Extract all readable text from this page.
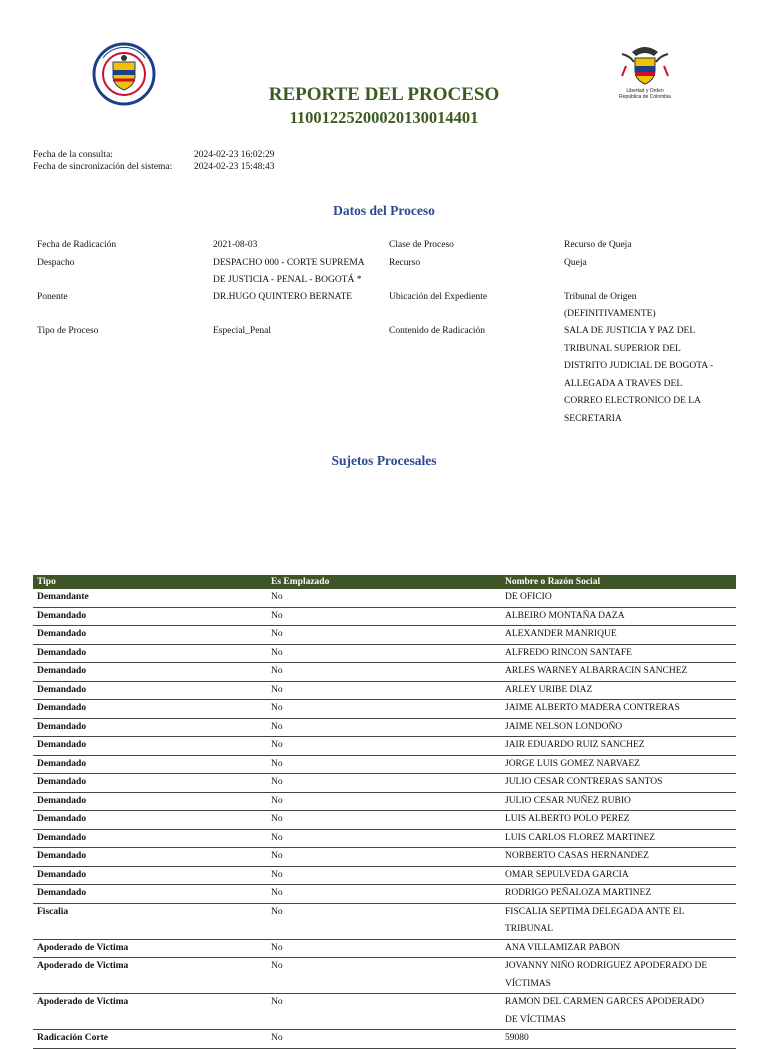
Libertad y Orden
República de Colombia
REPORTE DEL PROCESO
11001225200020130014401
Fecha de la consulta:	2024-02-23 16:02:29
Fecha de sincronización del sistema: 2024-02-23 15:48:43
Datos del Proceso
Fecha de Radicación	2021-08-03	Clase de Proceso	Recurso de Queja
Despacho	DESPACHO 000 - CORTE SUPREMA
DE JUSTICIA - PENAL - BOGOTÁ *
Recurso	Queja
Ponente	DR.HUGO QUINTERO BERNATE	Ubicación del Expediente	Tribunal de Origen
(DEFINITIVAMENTE)
Tipo de Proceso	Especial_Penal	Contenido de Radicación	SALA DE JUSTICIA Y PAZ DEL
TRIBUNAL SUPERIOR DEL
DISTRITO JUDICIAL DE BOGOTA -
ALLEGADA A TRAVES DEL
CORREO ELECTRONICO DE LA
SECRETARIA
Sujetos Procesales
Tipo	Es Emplazado	Nombre o Razón Social
Demandante	No	DE OFICIO

Demandado	No	ALBEIRO MONTAÑA DAZA

Demandado	No	ALEXANDER MANRIQUE

Demandado	No	ALFREDO RINCON SANTAFE

Demandado	No	ARLES WARNEY ALBARRACIN SANCHEZ

Demandado	No	ARLEY URIBE DIAZ

Demandado	No	JAIME ALBERTO MADERA CONTRERAS

Demandado	No	JAIME NELSON LONDOÑO

Demandado	No	JAIR EDUARDO RUIZ SANCHEZ

Demandado	No	JORGE LUIS GOMEZ NARVAEZ

Demandado	No	JULIO CESAR CONTRERAS SANTOS

Demandado	No	JULIO CESAR NUÑEZ RUBIO

Demandado	No	LUIS ALBERTO POLO PEREZ

Demandado	No	LUIS CARLOS FLOREZ MARTINEZ

Demandado	No	NORBERTO CASAS HERNANDEZ

Demandado	No	OMAR SEPULVEDA GARCIA

Demandado	No	RODRIGO PEÑALOZA MARTINEZ

Fiscalia	No	FISCALIA SEPTIMA DELEGADA ANTE EL
TRIBUNAL

Apoderado de Victima	No	ANA VILLAMIZAR PABON

Apoderado de Victima	No	JOVANNY NIÑO RODRIGUEZ APODERADO DE
VÍCTIMAS

Apoderado de Victima	No	RAMON DEL CARMEN GARCES APODERADO
DE VÍCTIMAS

Radicación Corte	No	59080
